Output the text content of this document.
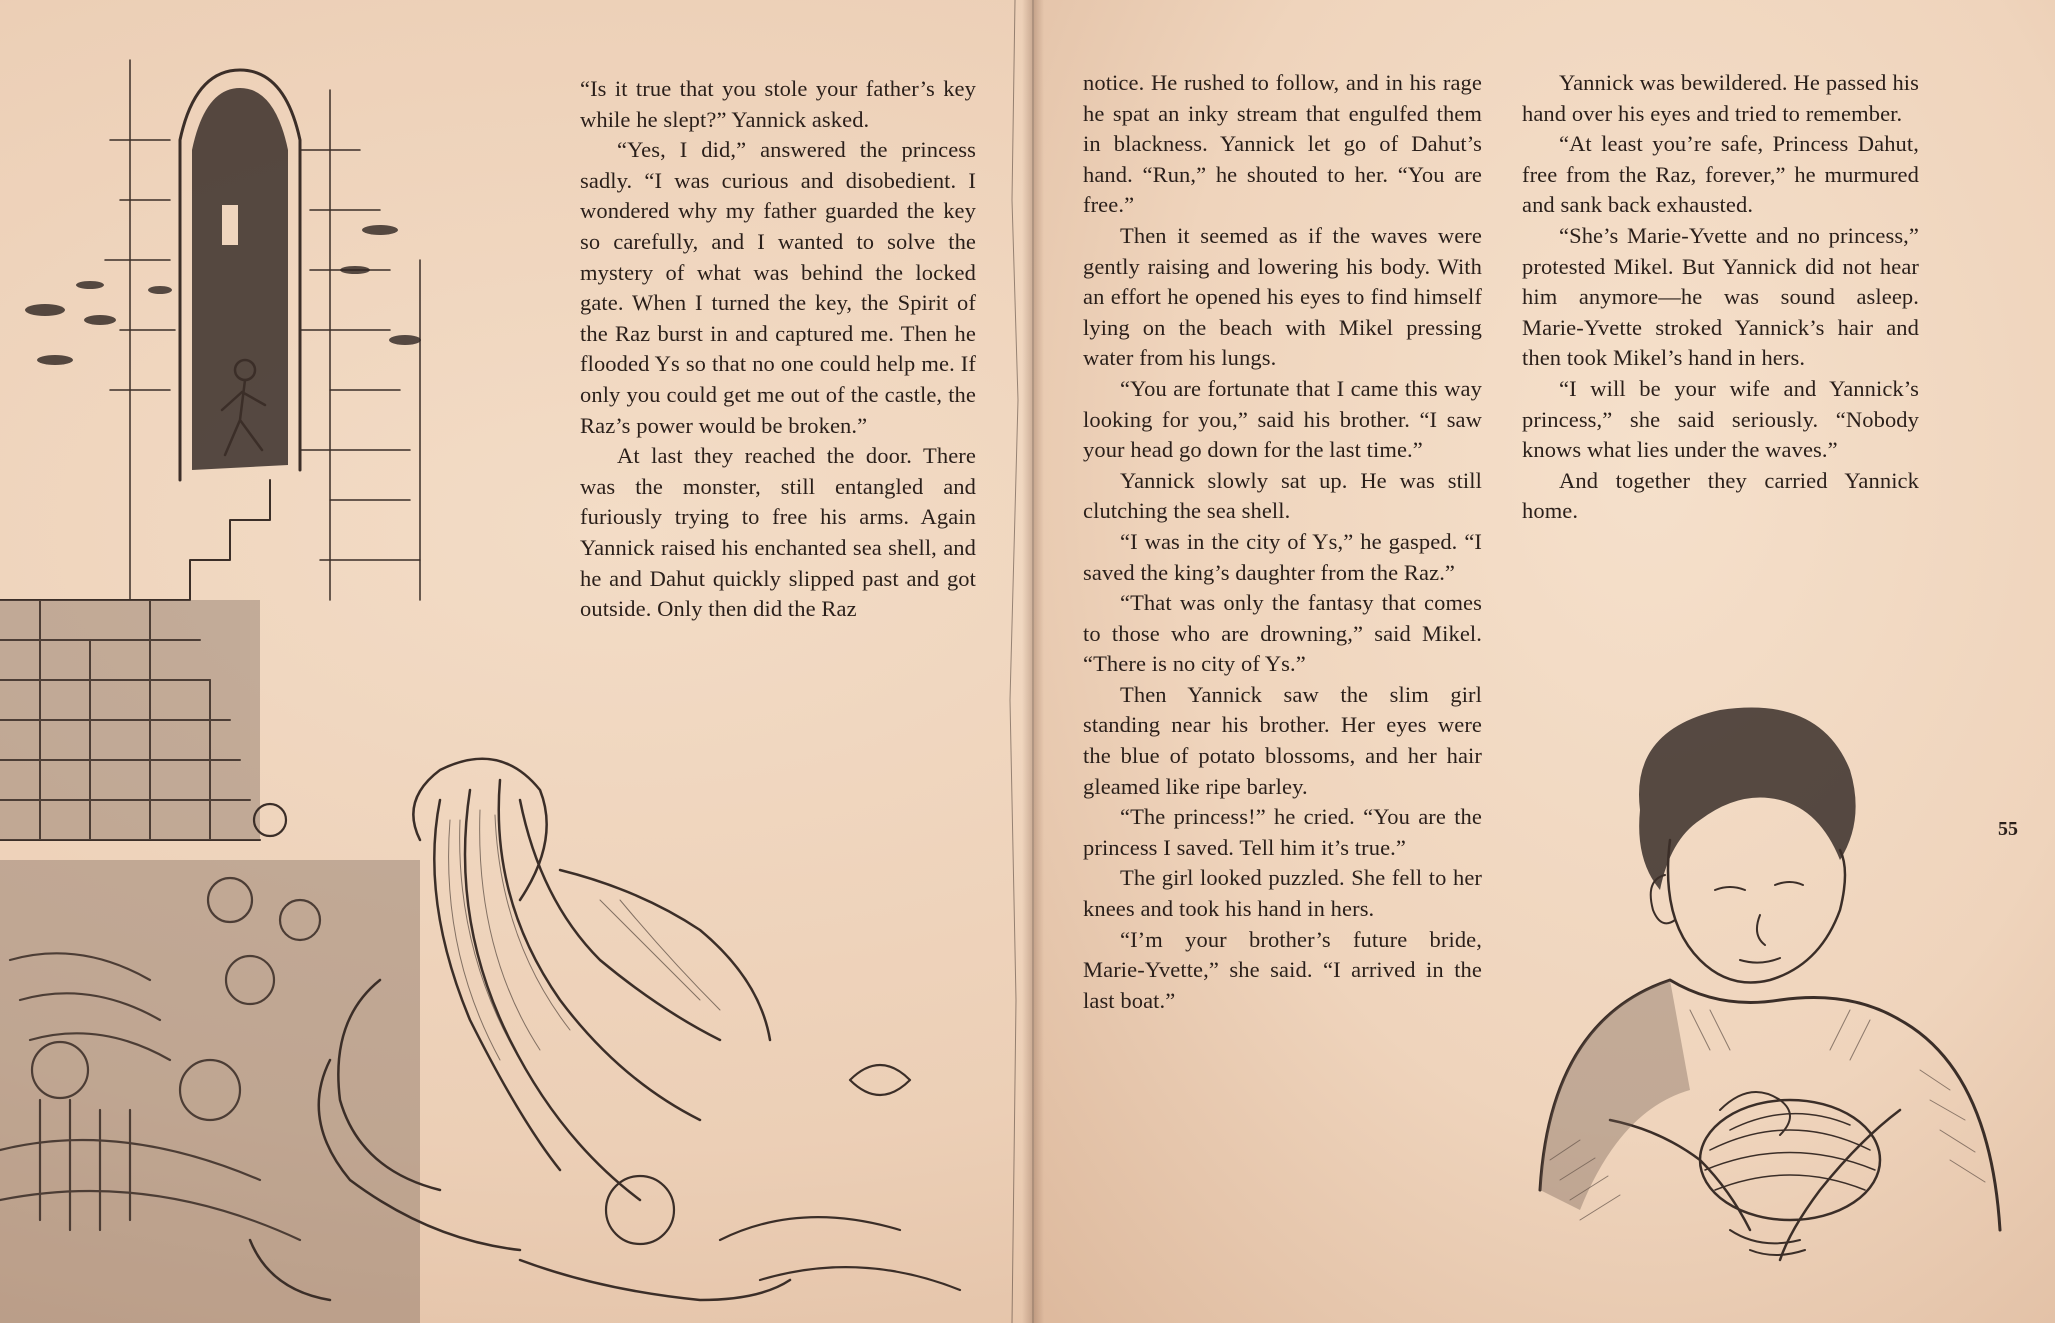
“Is it true that you stole your father’s key while he slept?” Yannick asked.

“Yes, I did,” answered the princess sadly. “I was curious and disobedient. I wondered why my father guarded the key so carefully, and I wanted to solve the mystery of what was behind the locked gate. When I turned the key, the Spirit of the Raz burst in and captured me. Then he flooded Ys so that no one could help me. If only you could get me out of the castle, the Raz’s power would be broken.”

At last they reached the door. There was the monster, still entangled and furiously trying to free his arms. Again Yannick raised his enchanted sea shell, and he and Dahut quickly slipped past and got outside. Only then did the Raz

notice. He rushed to follow, and in his rage he spat an inky stream that engulfed them in blackness. Yannick let go of Dahut’s hand. “Run,” he shouted to her. “You are free.”

Then it seemed as if the waves were gently raising and lowering his body. With an effort he opened his eyes to find himself lying on the beach with Mikel pressing water from his lungs.

“You are fortunate that I came this way looking for you,” said his brother. “I saw your head go down for the last time.”

Yannick slowly sat up. He was still clutching the sea shell.

“I was in the city of Ys,” he gasped. “I saved the king’s daughter from the Raz.”

“That was only the fantasy that comes to those who are drowning,” said Mikel. “There is no city of Ys.”

Then Yannick saw the slim girl standing near his brother. Her eyes were the blue of potato blossoms, and her hair gleamed like ripe barley.

“The princess!” he cried. “You are the princess I saved. Tell him it’s true.”

The girl looked puzzled. She fell to her knees and took his hand in hers.

“I’m your brother’s future bride, Marie-Yvette,” she said. “I arrived in the last boat.”

Yannick was bewildered. He passed his hand over his eyes and tried to remember.

“At least you’re safe, Princess Dahut, free from the Raz, forever,” he murmured and sank back exhausted.

“She’s Marie-Yvette and no princess,” protested Mikel. But Yannick did not hear him anymore—he was sound asleep. Marie-Yvette stroked Yannick’s hair and then took Mikel’s hand in hers.

“I will be your wife and Yannick’s princess,” she said seriously. “Nobody knows what lies under the waves.”

And together they carried Yannick home.

55
